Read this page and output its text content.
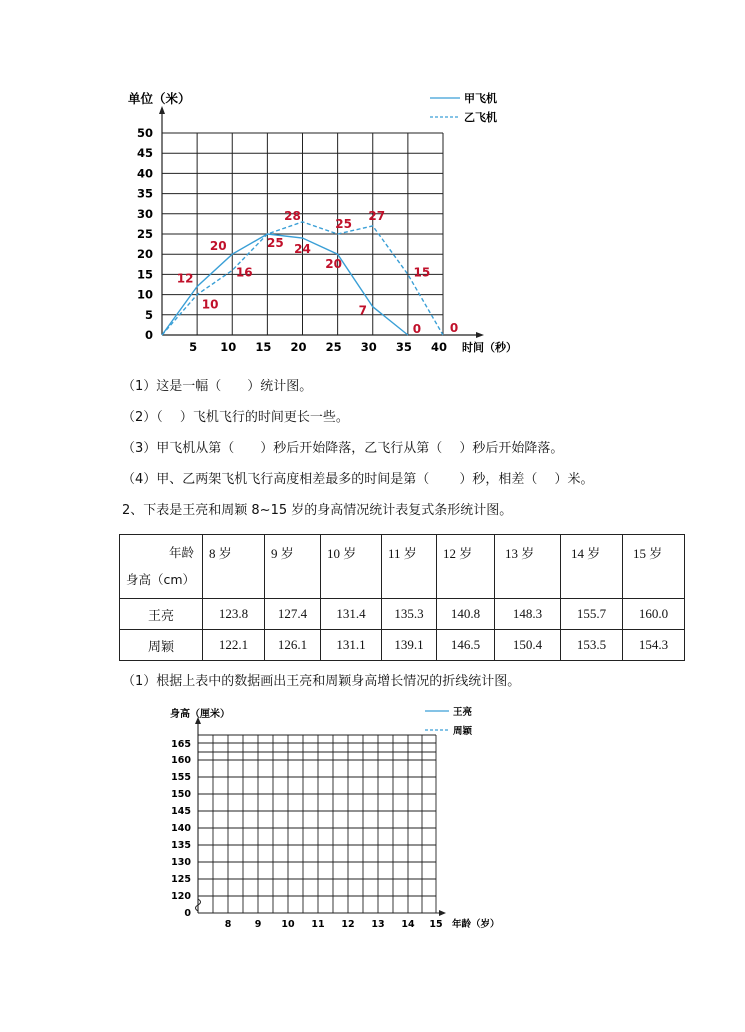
单位（米）
时间（秒）
0
5
10
15
20
25
30
35
40
45
50
5 10 15 20 25 30 35 40
12
20	25 24
20
7
0
10
16
28
25
27
15
0
甲飞机
乙飞机
（1）这是一幅（　　）统计图。
（2）（　 ）飞机飞行的时间更长一些。
（3）甲飞机从第（　　）秒后开始降落，乙飞行从第（　 ）秒后开始降落。
（4）甲、乙两架飞机飞行高度相差最多的时间是第（　　 ）秒，相差（　 ）米。
2、下表是王亮和周颖 8~15 岁的身高情况统计表复式条形统计图。
年龄
身高（cm）	8 岁	9 岁	10 岁	11 岁	12 岁	13 岁	14 岁	15 岁
王亮	123.8	127.4	131.4	135.3	140.8	148.3	155.7	160.0
周颖	122.1	126.1	131.1	139.1	146.5	150.4	153.5	154.3
（1）根据上表中的数据画出王亮和周颖身高增长情况的折线统计图。
身高（厘米）
年龄（岁）
0
120
125
130
135
140
145
150
155
160
165
8 9 10 11 12 13 14 15
王亮
周颖
